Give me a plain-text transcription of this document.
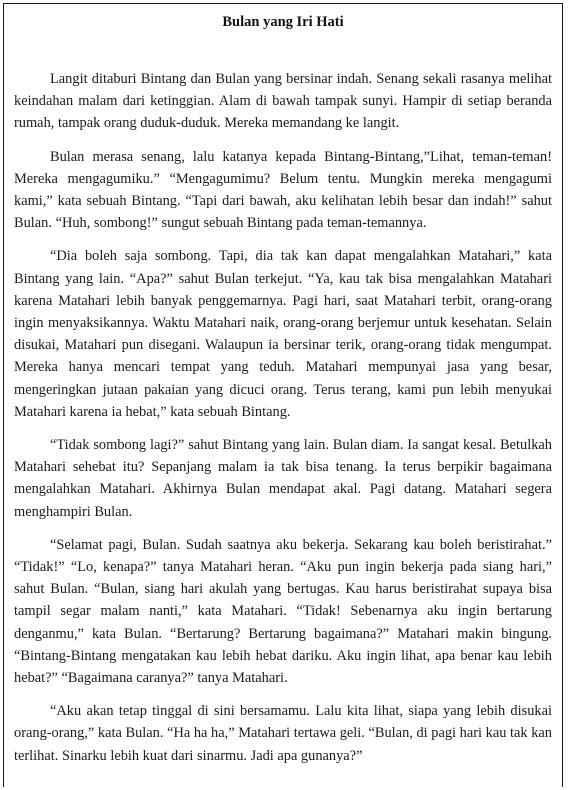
Bulan yang Iri Hati

Langit ditaburi Bintang dan Bulan yang bersinar indah. Senang sekali rasanya melihat keindahan malam dari ketinggian. Alam di bawah tampak sunyi. Hampir di setiap beranda rumah, tampak orang duduk-duduk. Mereka memandang ke langit.

Bulan merasa senang, lalu katanya kepada Bintang-Bintang,”Lihat, teman-teman! Mereka mengagumiku.” “Mengagumimu? Belum tentu. Mungkin mereka mengagumi kami,” kata sebuah Bintang. “Tapi dari bawah, aku kelihatan lebih besar dan indah!” sahut Bulan. “Huh, sombong!” sungut sebuah Bintang pada teman-temannya.

“Dia boleh saja sombong. Tapi, dia tak kan dapat mengalahkan Matahari,” kata Bintang yang lain. “Apa?” sahut Bulan terkejut. “Ya, kau tak bisa mengalahkan Matahari karena Matahari lebih banyak penggemarnya. Pagi hari, saat Matahari terbit, orang-orang ingin menyaksikannya. Waktu Matahari naik, orang-orang berjemur untuk kesehatan. Selain disukai, Matahari pun disegani. Walaupun ia bersinar terik, orang-orang tidak mengumpat. Mereka hanya mencari tempat yang teduh. Matahari mempunyai jasa yang besar, mengeringkan jutaan pakaian yang dicuci orang. Terus terang, kami pun lebih menyukai Matahari karena ia hebat,” kata sebuah Bintang.

“Tidak sombong lagi?” sahut Bintang yang lain. Bulan diam. Ia sangat kesal. Betulkah Matahari sehebat itu? Sepanjang malam ia tak bisa tenang. Ia terus berpikir bagaimana mengalahkan Matahari. Akhirnya Bulan mendapat akal. Pagi datang. Matahari segera menghampiri Bulan.

“Selamat pagi, Bulan. Sudah saatnya aku bekerja. Sekarang kau boleh beristirahat.” “Tidak!” “Lo, kenapa?” tanya Matahari heran. “Aku pun ingin bekerja pada siang hari,” sahut Bulan. “Bulan, siang hari akulah yang bertugas. Kau harus beristirahat supaya bisa tampil segar malam nanti,” kata Matahari. “Tidak! Sebenarnya aku ingin bertarung denganmu,” kata Bulan. “Bertarung? Bertarung bagaimana?” Matahari makin bingung. “Bintang-Bintang mengatakan kau lebih hebat dariku. Aku ingin lihat, apa benar kau lebih hebat?” “Bagaimana caranya?” tanya Matahari.

“Aku akan tetap tinggal di sini bersamamu. Lalu kita lihat, siapa yang lebih disukai orang-orang,” kata Bulan. “Ha ha ha,” Matahari tertawa geli. “Bulan, di pagi hari kau tak kan terlihat. Sinarku lebih kuat dari sinarmu. Jadi apa gunanya?”
